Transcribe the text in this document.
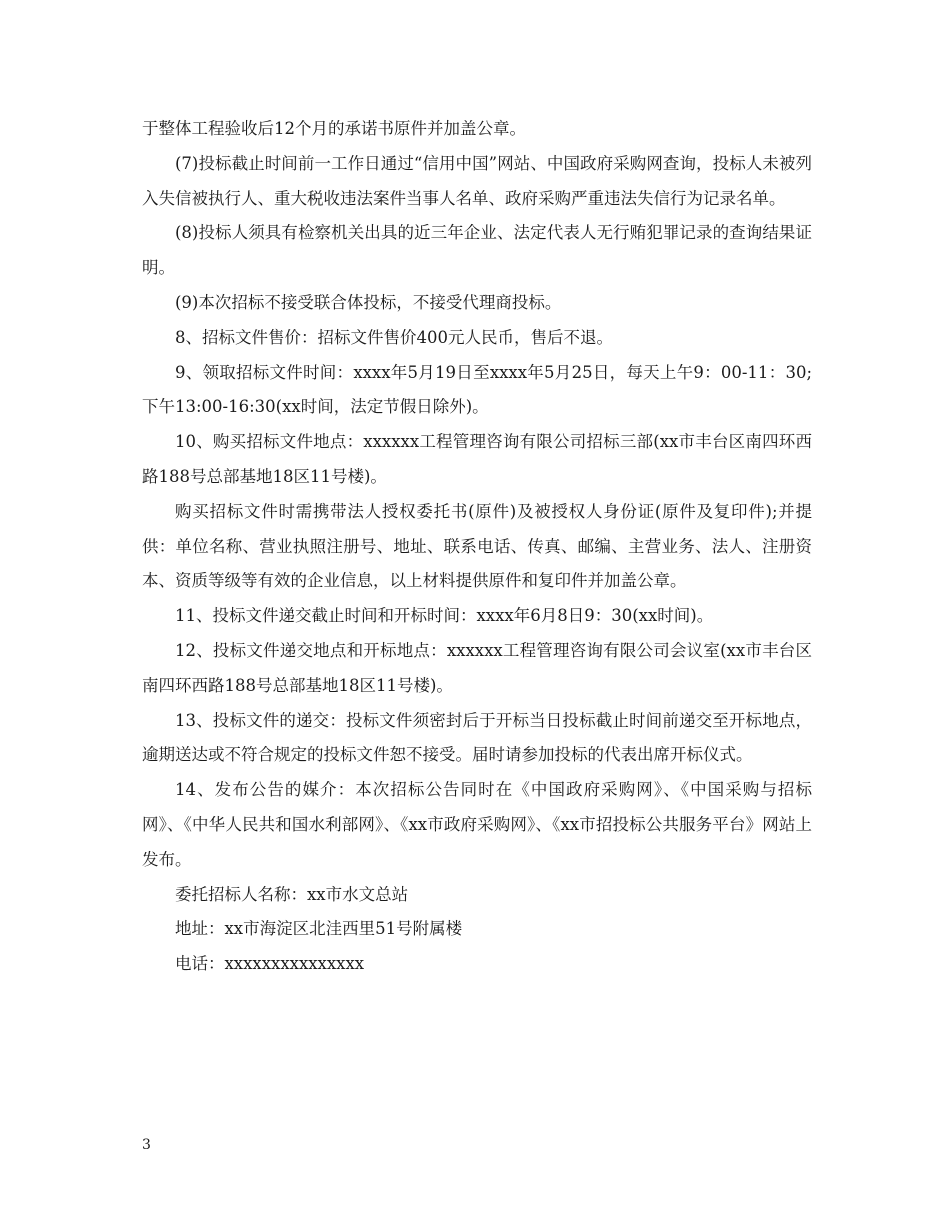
于整体工程验收后12个月的承诺书原件并加盖公章。

(7)投标截止时间前一工作日通过“信用中国”网站、中国政府采购网查询，投标人未被列入失信被执行人、重大税收违法案件当事人名单、政府采购严重违法失信行为记录名单。

(8)投标人须具有检察机关出具的近三年企业、法定代表人无行贿犯罪记录的查询结果证明。

(9)本次招标不接受联合体投标，不接受代理商投标。

8、招标文件售价：招标文件售价400元人民币，售后不退。

9、领取招标文件时间：xxxx年5月19日至xxxx年5月25日，每天上午9：00-11：30;下午13:00-16:30(xx时间，法定节假日除外)。

10、购买招标文件地点：xxxxxx工程管理咨询有限公司招标三部(xx市丰台区南四环西路188号总部基地18区11号楼)。

购买招标文件时需携带法人授权委托书(原件)及被授权人身份证(原件及复印件);并提供：单位名称、营业执照注册号、地址、联系电话、传真、邮编、主营业务、法人、注册资本、资质等级等有效的企业信息，以上材料提供原件和复印件并加盖公章。

11、投标文件递交截止时间和开标时间：xxxx年6月8日9：30(xx时间)。

12、投标文件递交地点和开标地点：xxxxxx工程管理咨询有限公司会议室(xx市丰台区南四环西路188号总部基地18区11号楼)。

13、投标文件的递交：投标文件须密封后于开标当日投标截止时间前递交至开标地点，逾期送达或不符合规定的投标文件恕不接受。届时请参加投标的代表出席开标仪式。

14、发布公告的媒介：本次招标公告同时在《中国政府采购网》、《中国采购与招标网》、《中华人民共和国水利部网》、《xx市政府采购网》、《xx市招投标公共服务平台》网站上发布。

委托招标人名称：xx市水文总站

地址：xx市海淀区北洼西里51号附属楼

电话：xxxxxxxxxxxxxxx

3
